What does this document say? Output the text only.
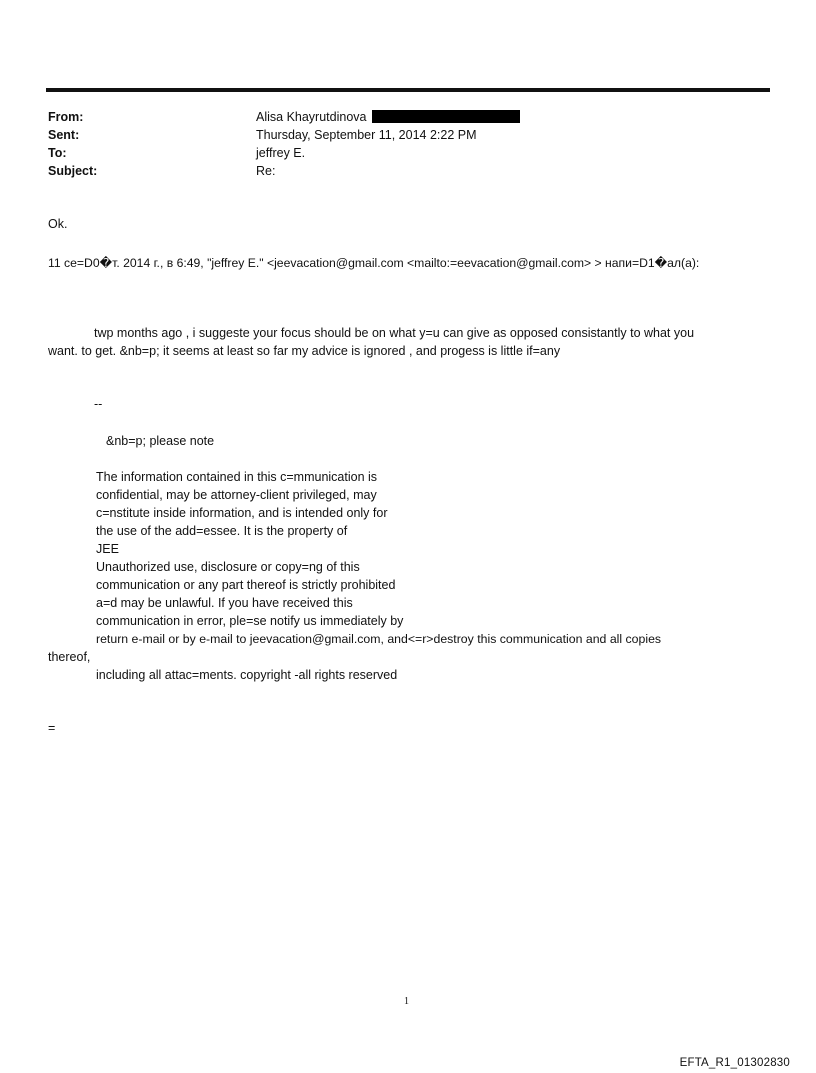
From:	Alisa Khayrutdinova
Sent:	Thursday, September 11, 2014 2:22 PM
To:	jeffrey E.
Subject:	Re:
Ok.
11 се=D0�т. 2014 г., в 6:49, "jeffrey E." <jeevacation@gmail.com <mailto:=eevacation@gmail.com> > напи=D1�ал(а):
twp months ago , i suggeste your focus should be on what y=u can give as opposed consistantly to what you
want. to get. &nb=p; it seems at least so far my advice is ignored , and progess is little if=any
--
&nb=p; please note
The information contained in this c=mmunication is
confidential, may be attorney-client privileged, may
c=nstitute inside information, and is intended only for
the use of the add=essee. It is the property of
JEE
Unauthorized use, disclosure or copy=ng of this
communication or any part thereof is strictly prohibited
a=d may be unlawful. If you have received this
communication in error, ple=se notify us immediately by
return e-mail or by e-mail to jeevacation@gmail.com, and<=r>destroy this communication and all copies
thereof,
including all attac=ments. copyright -all rights reserved
=
1
EFTA_R1_01302830
